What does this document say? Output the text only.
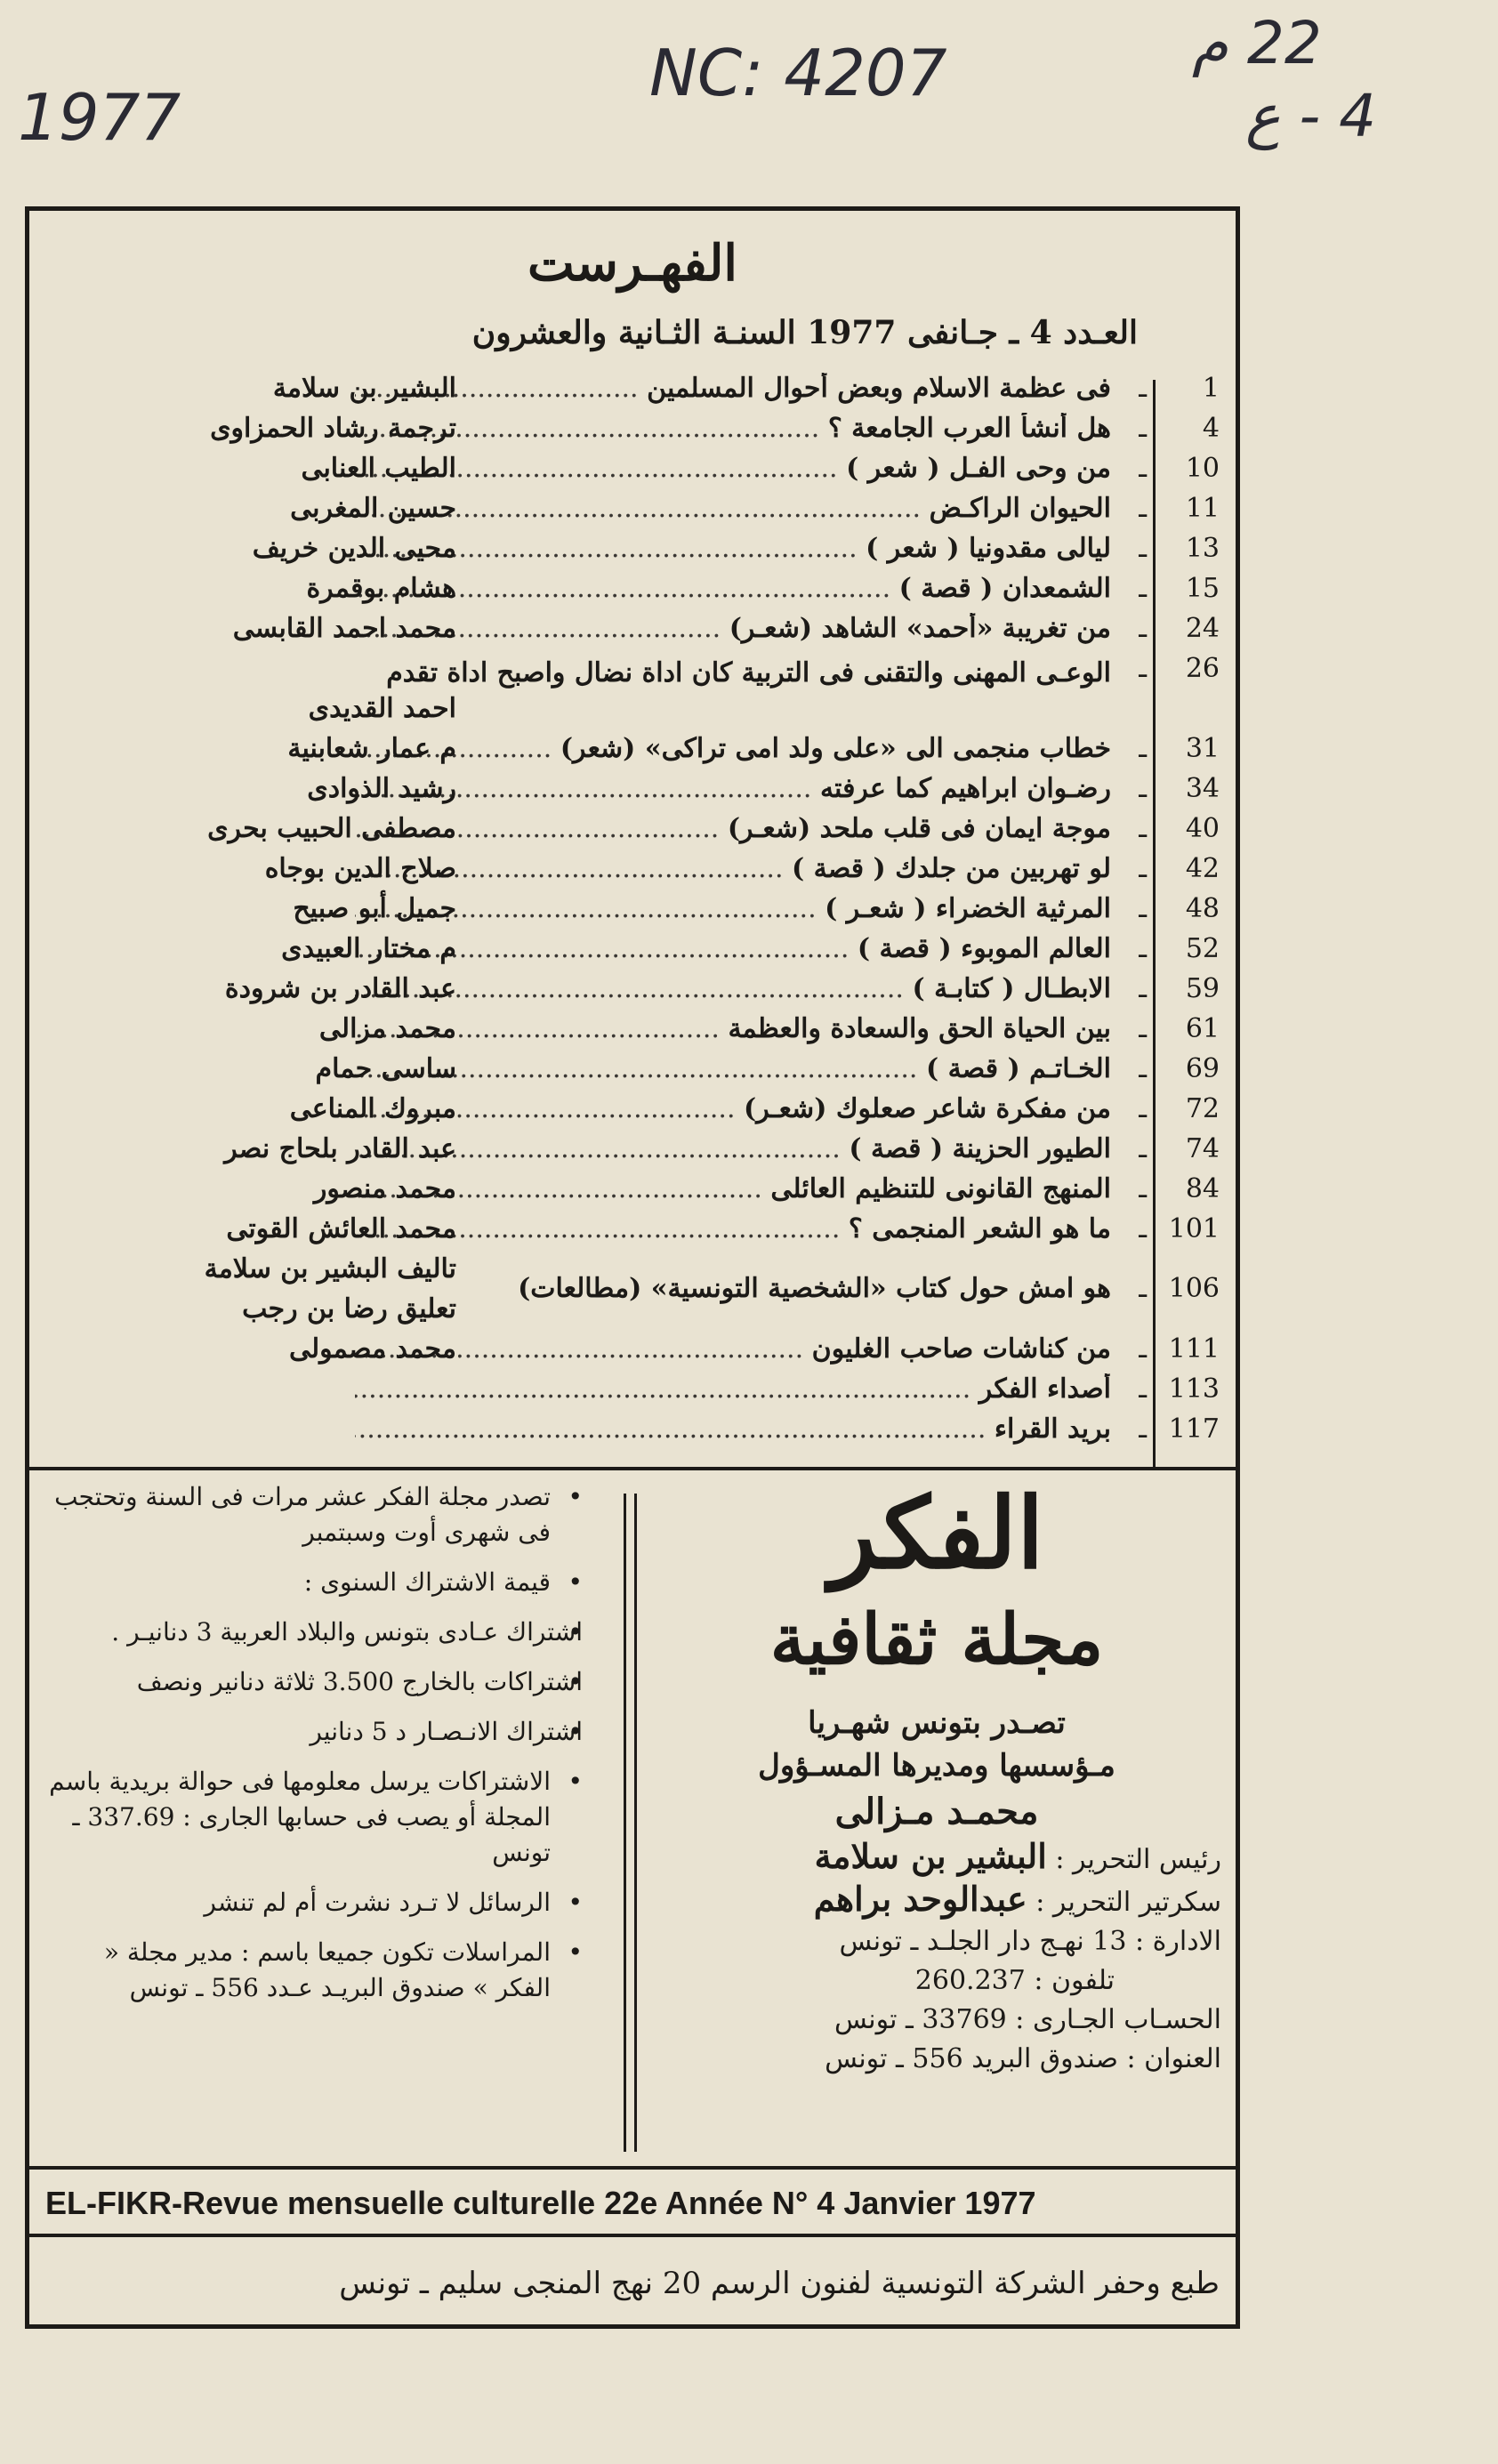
1977
NC: 4207	22 م
4 - ع
الفهـرست
العـدد 4 ـ جـانفى 1977 السنـة الثـانية والعشرون
1
ـ
فى عظمة الاسلام وبعض أحوال المسلمين .....
البشير بن سلامة
4
ـ
هل أنشأ العرب الجامعة ؟ .....
ترجمة رشاد الحمزاوى
10
ـ
من وحى الفـل ( شعر ) .....
الطيب العنابى
11
ـ
الحيوان الراكـض .....
حسين المغربى
13
ـ
ليالى مقدونيا ( شعر ) .....
محيى الدين خريف
15
ـ
الشمعدان ( قصة ) .....
هشام بوقمرة
24
ـ
من تغريبة «أحمد» الشاهد (شعـر) .....
محمد احمد القابسى
26
ـ
الوعـى المهنى والتقنى فى التربية كان اداة نضال واصبح اداة تقدم
احمد القديدى
31
ـ
خطاب منجمى الى «على ولد امى تراكى» (شعر) .....
م عمار شعابنية
34
ـ
رضـوان ابراهيم كما عرفته .....
رشيد الذوادى
40
ـ
موجة ايمان فى قلب ملحد (شعـر) .....
مصطفى الحبيب بحرى
42
ـ
لو تهربين من جلدك ( قصة ) .....
صلاح الدين بوجاه
48
ـ
المرثية الخضراء ( شعـر ) .....
جميل أبو صبيح
52
ـ
العالم الموبوء ( قصة ) .....
م مختار العبيدى
59
ـ
الابطـال ( كتابـة ) .....
عبد القادر بن شرودة
61
ـ
بين الحياة الحق والسعادة والعظمة .....
محمد مزالى
69
ـ
الخـاتـم ( قصة ) .....
ساسى حمام
72
ـ
من مفكرة شاعر صعلوك (شعـر) .....
مبروك المناعى
74
ـ
الطيور الحزينة ( قصة ) .....
عبد القادر بلحاج نصر
84
ـ
المنهج القانونى للتنظيم العائلى .....
محمد منصور
101
ـ
ما هو الشعر المنجمى ؟ .....
محمد العائش القوتى
106
ـ
هو امش حول كتاب «الشخصية التونسية» (مطالعات)
تاليف البشير بن سلامة
تعليق رضا بن رجب
111
ـ
من كناشات صاحب الغليون .....
محمد مصمولى
113
ـ
أصداء الفكر .....
117
ـ
بريد القراء .....
• تصدر مجلة الفكر عشر مرات فى السنة وتحتجب فى شهرى أوت وسبتمبر
• قيمة الاشتراك السنوى :
• اشتراك عـادى بتونس والبلاد العربية 3 دنانيـر .
• اشتراكات بالخارج 3.500 ثلاثة دنانير ونصف
• اشتراك الانـصـار د 5 دنانير
• الاشتراكات يرسل معلومها فى حوالة بريدية باسم المجلة أو يصب فى حسابها الجارى : 337.69 ـ تونس
• الرسائل لا تـرد نشرت أم لم تنشر
• المراسلات تكون جميعا باسم : مدير مجلة « الفكر » صندوق البريـد عـدد 556 ـ تونس
الفكر
مجلة ثقافية
تصـدر بتونس شهـريا
مـؤسسها ومديرها المسـؤول
محمـد مـزالى
رئيس التحرير : البشير بن سلامة
سكرتير التحرير : عبدالوحد براهم
الادارة : 13 نهـج دار الجلـد ـ تونس
تلفون : 260.237
الحسـاب الجـارى : 33769 ـ تونس
العنوان : صندوق البريد 556 ـ تونس
EL-FIKR-Revue mensuelle culturelle 22e Année N° 4 Janvier 1977
طبع وحفر الشركة التونسية لفنون الرسم 20 نهج المنجى سليم ـ تونس
